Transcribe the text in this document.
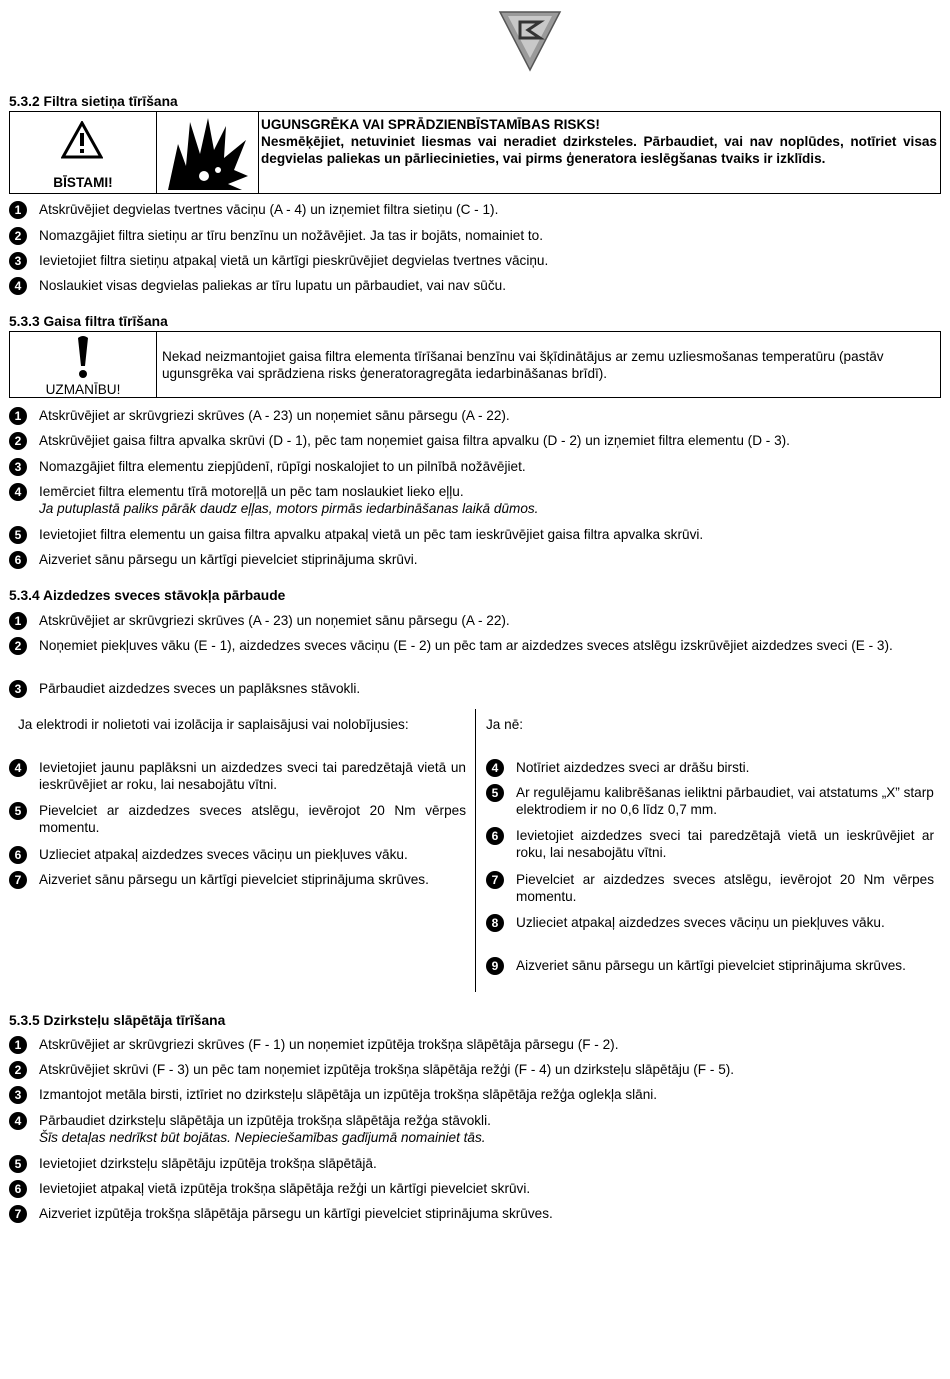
5.3.2 Filtra sietiņa tīrīšana
BĪSTAMI!
UGUNSGRĒKA VAI SPRĀDZIENBĪSTAMĪBAS RISKS!
Nesmēķējiet, netuviniet liesmas vai neradiet dzirksteles. Pārbaudiet, vai nav noplūdes, notīriet visas degvielas paliekas un pārliecinieties, vai pirms ģeneratora ieslēgšanas tvaiks ir izklīdis.
1	Atskrūvējiet degvielas tvertnes vāciņu (A - 4) un izņemiet filtra sietiņu (C - 1).
2	Nomazgājiet filtra sietiņu ar tīru benzīnu un nožāvējiet. Ja tas ir bojāts, nomainiet to.
3	Ievietojiet filtra sietiņu atpakaļ vietā un kārtīgi pieskrūvējiet degvielas tvertnes vāciņu.
4	Noslaukiet visas degvielas paliekas ar tīru lupatu un pārbaudiet, vai nav sūču.
5.3.3 Gaisa filtra tīrīšana
UZMANĪBU!
Nekad neizmantojiet gaisa filtra elementa tīrīšanai benzīnu vai šķīdinātājus ar zemu uzliesmošanas temperatūru (pastāv ugunsgrēka vai sprādziena risks ģeneratoragregāta iedarbināšanas brīdī).
1	Atskrūvējiet ar skrūvgriezi skrūves (A - 23) un noņemiet sānu pārsegu (A - 22).
2	Atskrūvējiet gaisa filtra apvalka skrūvi (D - 1), pēc tam noņemiet gaisa filtra apvalku (D - 2) un izņemiet filtra elementu (D - 3).
3	Nomazgājiet filtra elementu ziepjūdenī, rūpīgi noskalojiet to un pilnībā nožāvējiet.
4	Iemērciet filtra elementu tīrā motoreļļā un pēc tam noslaukiet lieko eļļu.
Ja putuplastā paliks pārāk daudz eļļas, motors pirmās iedarbināšanas laikā dūmos.
5	Ievietojiet filtra elementu un gaisa filtra apvalku atpakaļ vietā un pēc tam ieskrūvējiet gaisa filtra apvalka skrūvi.
6	Aizveriet sānu pārsegu un kārtīgi pievelciet stiprinājuma skrūvi.
5.3.4 Aizdedzes sveces stāvokļa pārbaude
1	Atskrūvējiet ar skrūvgriezi skrūves (A - 23) un noņemiet sānu pārsegu (A - 22).
2	Noņemiet piekļuves vāku (E - 1), aizdedzes sveces vāciņu (E - 2) un pēc tam ar aizdedzes sveces atslēgu izskrūvējiet aizdedzes sveci (E - 3).
3	Pārbaudiet aizdedzes sveces un paplāksnes stāvokli.
Ja elektrodi ir nolietoti vai izolācija ir saplaisājusi vai nolobījusies:
4	Ievietojiet jaunu paplāksni un aizdedzes sveci tai paredzētajā vietā un ieskrūvējiet ar roku, lai nesabojātu vītni.
5	Pievelciet ar aizdedzes sveces atslēgu, ievērojot 20 Nm vērpes momentu.
6	Uzlieciet atpakaļ aizdedzes sveces vāciņu un piekļuves vāku.
7	Aizveriet sānu pārsegu un kārtīgi pievelciet stiprinājuma skrūves.
Ja nē:
4	Notīriet aizdedzes sveci ar drāšu birsti.
5	Ar regulējamu kalibrēšanas ieliktni pārbaudiet, vai atstatums „X” starp elektrodiem ir no 0,6 līdz 0,7 mm.
6	Ievietojiet aizdedzes sveci tai paredzētajā vietā un ieskrūvējiet ar roku, lai nesabojātu vītni.
7	Pievelciet ar aizdedzes sveces atslēgu, ievērojot 20 Nm vērpes momentu.
8	Uzlieciet atpakaļ aizdedzes sveces vāciņu un piekļuves vāku.
9	Aizveriet sānu pārsegu un kārtīgi pievelciet stiprinājuma skrūves.
5.3.5 Dzirksteļu slāpētāja tīrīšana
1	Atskrūvējiet ar skrūvgriezi skrūves (F - 1) un noņemiet izpūtēja trokšņa slāpētāja pārsegu (F - 2).
2	Atskrūvējiet skrūvi (F - 3) un pēc tam noņemiet izpūtēja trokšņa slāpētāja režģi (F - 4) un dzirksteļu slāpētāju (F - 5).
3	Izmantojot metāla birsti, iztīriet no dzirksteļu slāpētāja un izpūtēja trokšņa slāpētāja režģa oglekļa slāni.
4	Pārbaudiet dzirksteļu slāpētāja un izpūtēja trokšņa slāpētāja režģa stāvokli.
Šīs detaļas nedrīkst būt bojātas. Nepieciešamības gadījumā nomainiet tās.
5	Ievietojiet dzirksteļu slāpētāju izpūtēja trokšņa slāpētājā.
6	Ievietojiet atpakaļ vietā izpūtēja trokšņa slāpētāja režģi un kārtīgi pievelciet skrūvi.
7	Aizveriet izpūtēja trokšņa slāpētāja pārsegu un kārtīgi pievelciet stiprinājuma skrūves.
